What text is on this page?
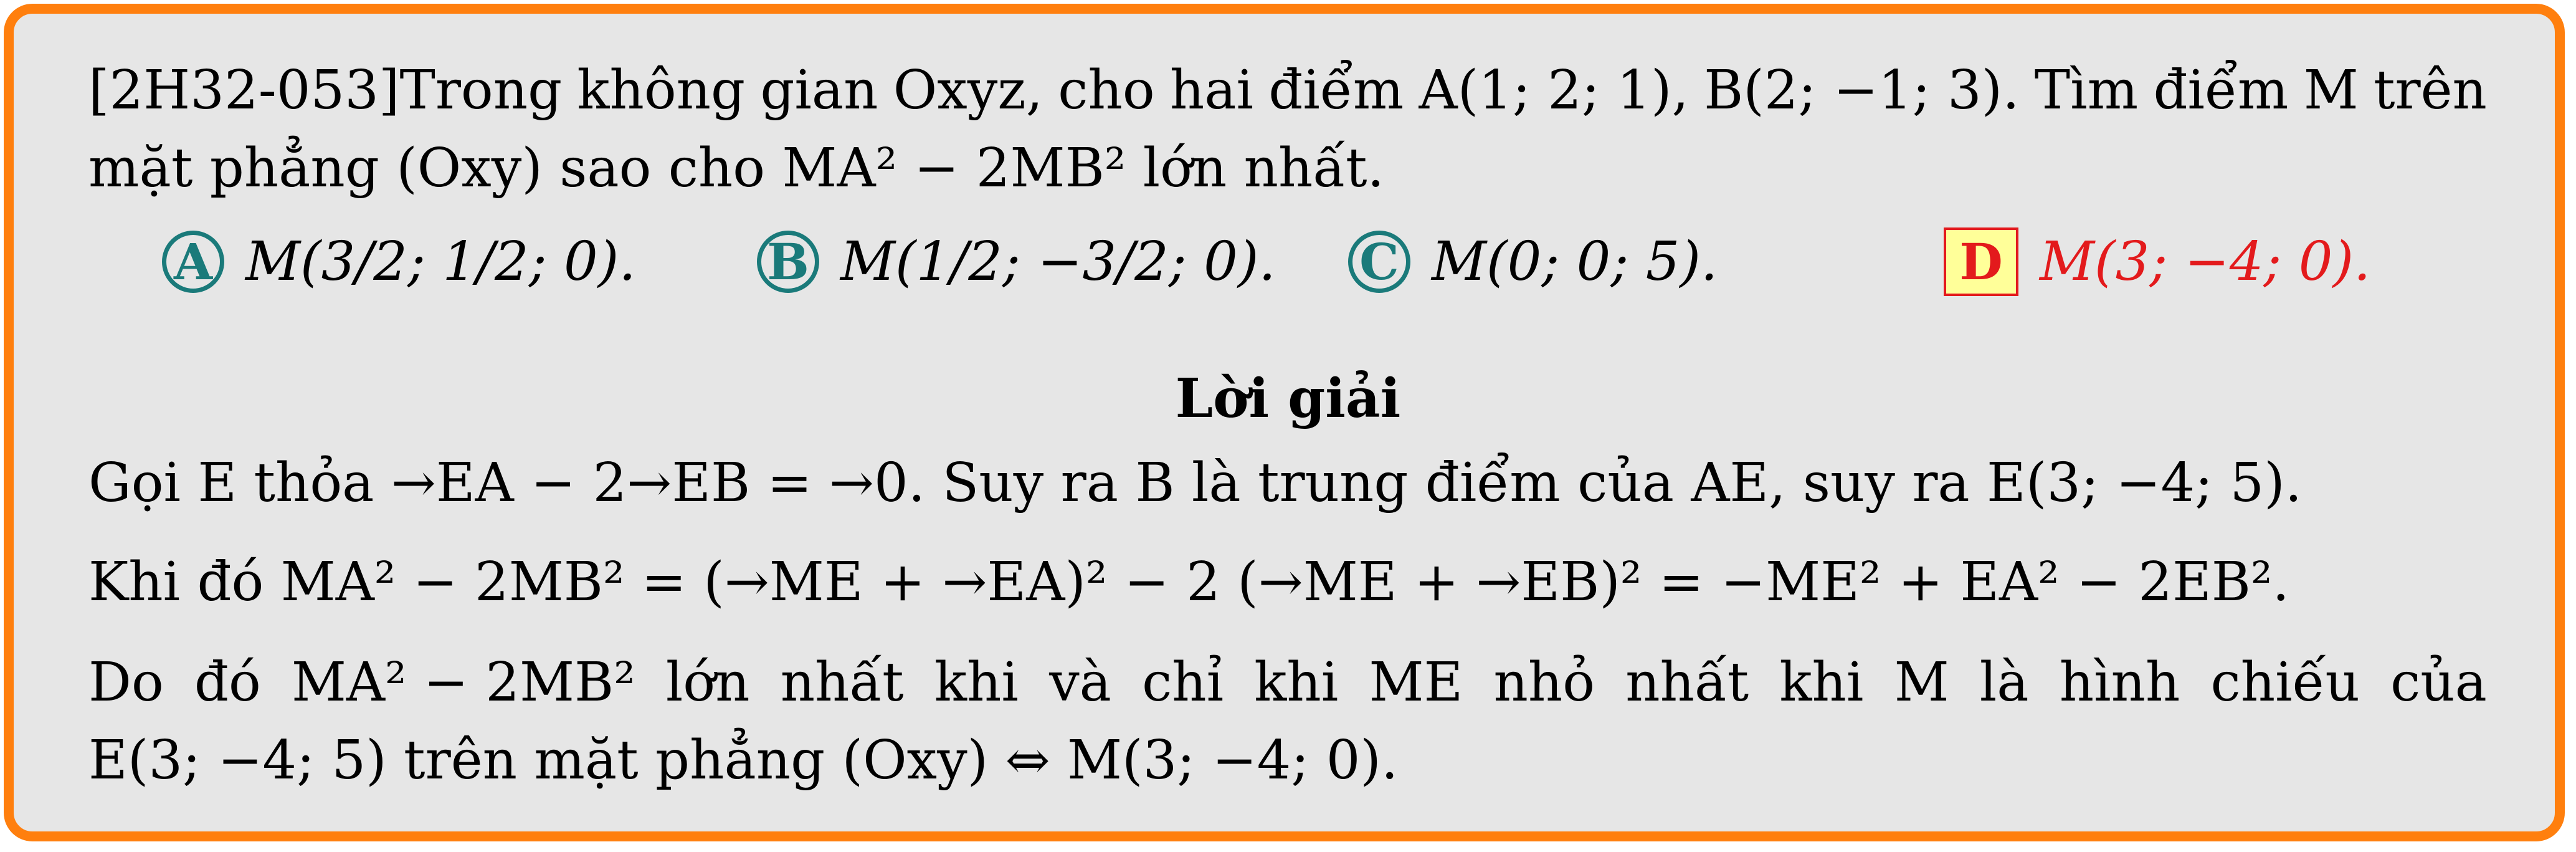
[2H32-053]Trong không gian Oxyz, cho hai điểm A(1; 2; 1), B(2; −1; 3). Tìm điểm M trên
mặt phẳng (Oxy) sao cho MA² − 2MB² lớn nhất.
A M(3/2; 1/2; 0).	B M(1/2; −3/2; 0). C M(0; 0; 5).	D M(3; −4; 0).
Lời giải
Gọi E thỏa →EA − 2→EB = →0. Suy ra B là trung điểm của AE, suy ra E(3; −4; 5).
Khi đó MA² − 2MB² = (→ME + →EA)² − 2 (→ME + →EB)² = −ME² + EA² − 2EB².
Do đó MA² − 2MB² lớn nhất khi và chỉ khi ME nhỏ nhất khi M là hình chiếu của
E(3; −4; 5) trên mặt phẳng (Oxy) ⇔ M(3; −4; 0).
